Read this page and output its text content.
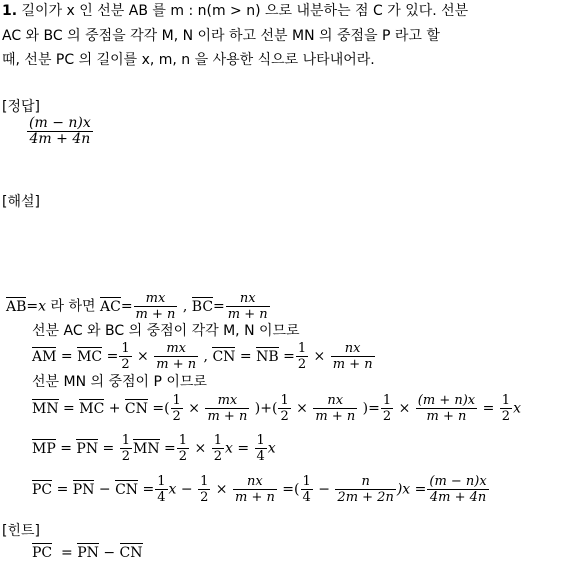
1. 길이가 x 인 선분 AB 를 m : n(m > n) 으로 내분하는 점 C 가 있다. 선분
AC 와 BC 의 중점을 각각 M, N 이라 하고 선분 MN 의 중점을 P 라고 할
때, 선분 PC 의 길이를 x, m, n 을 사용한 식으로 나타내어라.
[정답]
$\frac{(m - n)x}{4m + 4n}$
[해설]
AB=x 라 하면 $AC= \frac{mx}{m + n}$ , $BC= \frac{nx}{m + n}$
선분 AC 와 BC 의 중점이 각각 M, N 이므로
AM = MC = $\frac{1}{2} \times \frac{mx}{m + n}$ , CN = NB = $\frac{1}{2} \times \frac{nx}{m + n}$
선분 MN 의 중점이 P 이므로
MN = MC + CN =( $\frac{1}{2} \times \frac{mx}{m + n}$ )+( $\frac{1}{2} \times \frac{nx}{m + n}$ )= $\frac{1}{2} \times \frac{(m + n)x}{m + n} = \frac{1}{2}$ x
MP = PN = $\frac{1}{2}$ MN = $\frac{1}{2} \times \frac{1}{2}$ $x = \frac{1}{4}$ x
PC = PN − CN = $\frac{1}{4}$ $x - \frac{1}{2} \times \frac{nx}{m + n}$ =( $\frac{1}{4} - \frac{n}{2m + 2n} )x = \frac{(m - n)x}{4m + 4n}$
[힌트]
PC  = PN − CN
